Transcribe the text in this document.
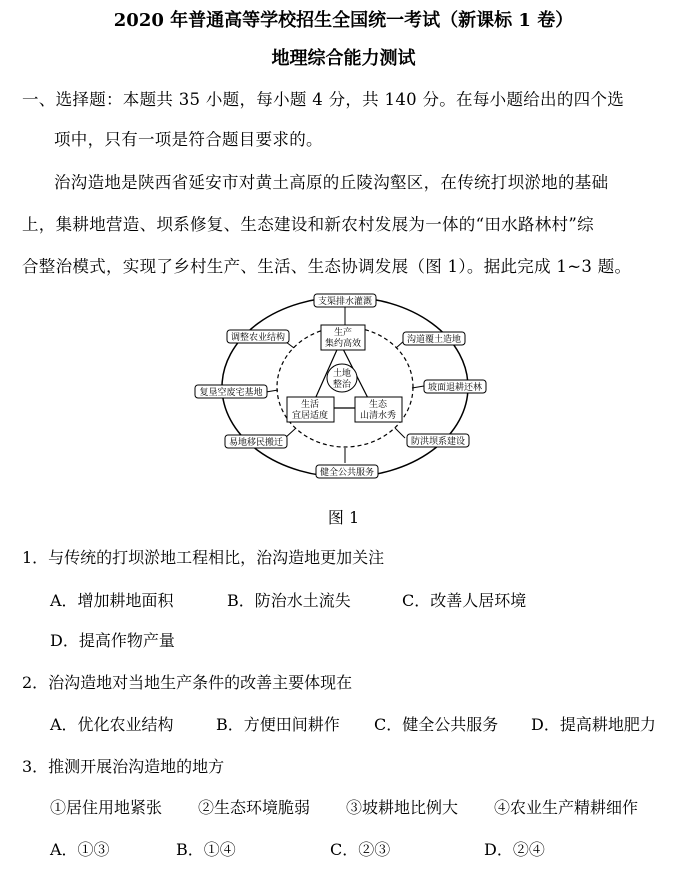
2020 年普通高等学校招生全国统一考试（新课标 1 卷）
地理综合能力测试
一、选择题：本题共 35 小题，每小题 4 分，共 140 分。在每小题给出的四个选
项中，只有一项是符合题目要求的。
治沟造地是陕西省延安市对黄土高原的丘陵沟壑区，在传统打坝淤地的基础
上，集耕地营造、坝系修复、生态建设和新农村发展为一体的“田水路林村”综
合整治模式，实现了乡村生产、生活、生态协调发展（图 1）。据此完成 1~3 题。
支渠排水灌溉
调整农业结构	沟道覆土造地
复垦空废宅基地	坡面退耕还林
易地移民搬迁	防洪坝系建设
健全公共服务
生产
集约高效
生活
宜居适度
生态
山清水秀
土地
整治
图 1
1．与传统的打坝淤地工程相比，治沟造地更加关注
A．增加耕地面积	B．防治水土流失	C．改善人居环境
D．提高作物产量
2．治沟造地对当地生产条件的改善主要体现在
A．优化农业结构	B．方便田间耕作 C．健全公共服务 D．提高耕地肥力
3．推测开展治沟造地的地方
①居住用地紧张 ②生态环境脆弱 ③坡耕地比例大 ④农业生产精耕细作
A．①③	B．①④	C．②③	D．②④
